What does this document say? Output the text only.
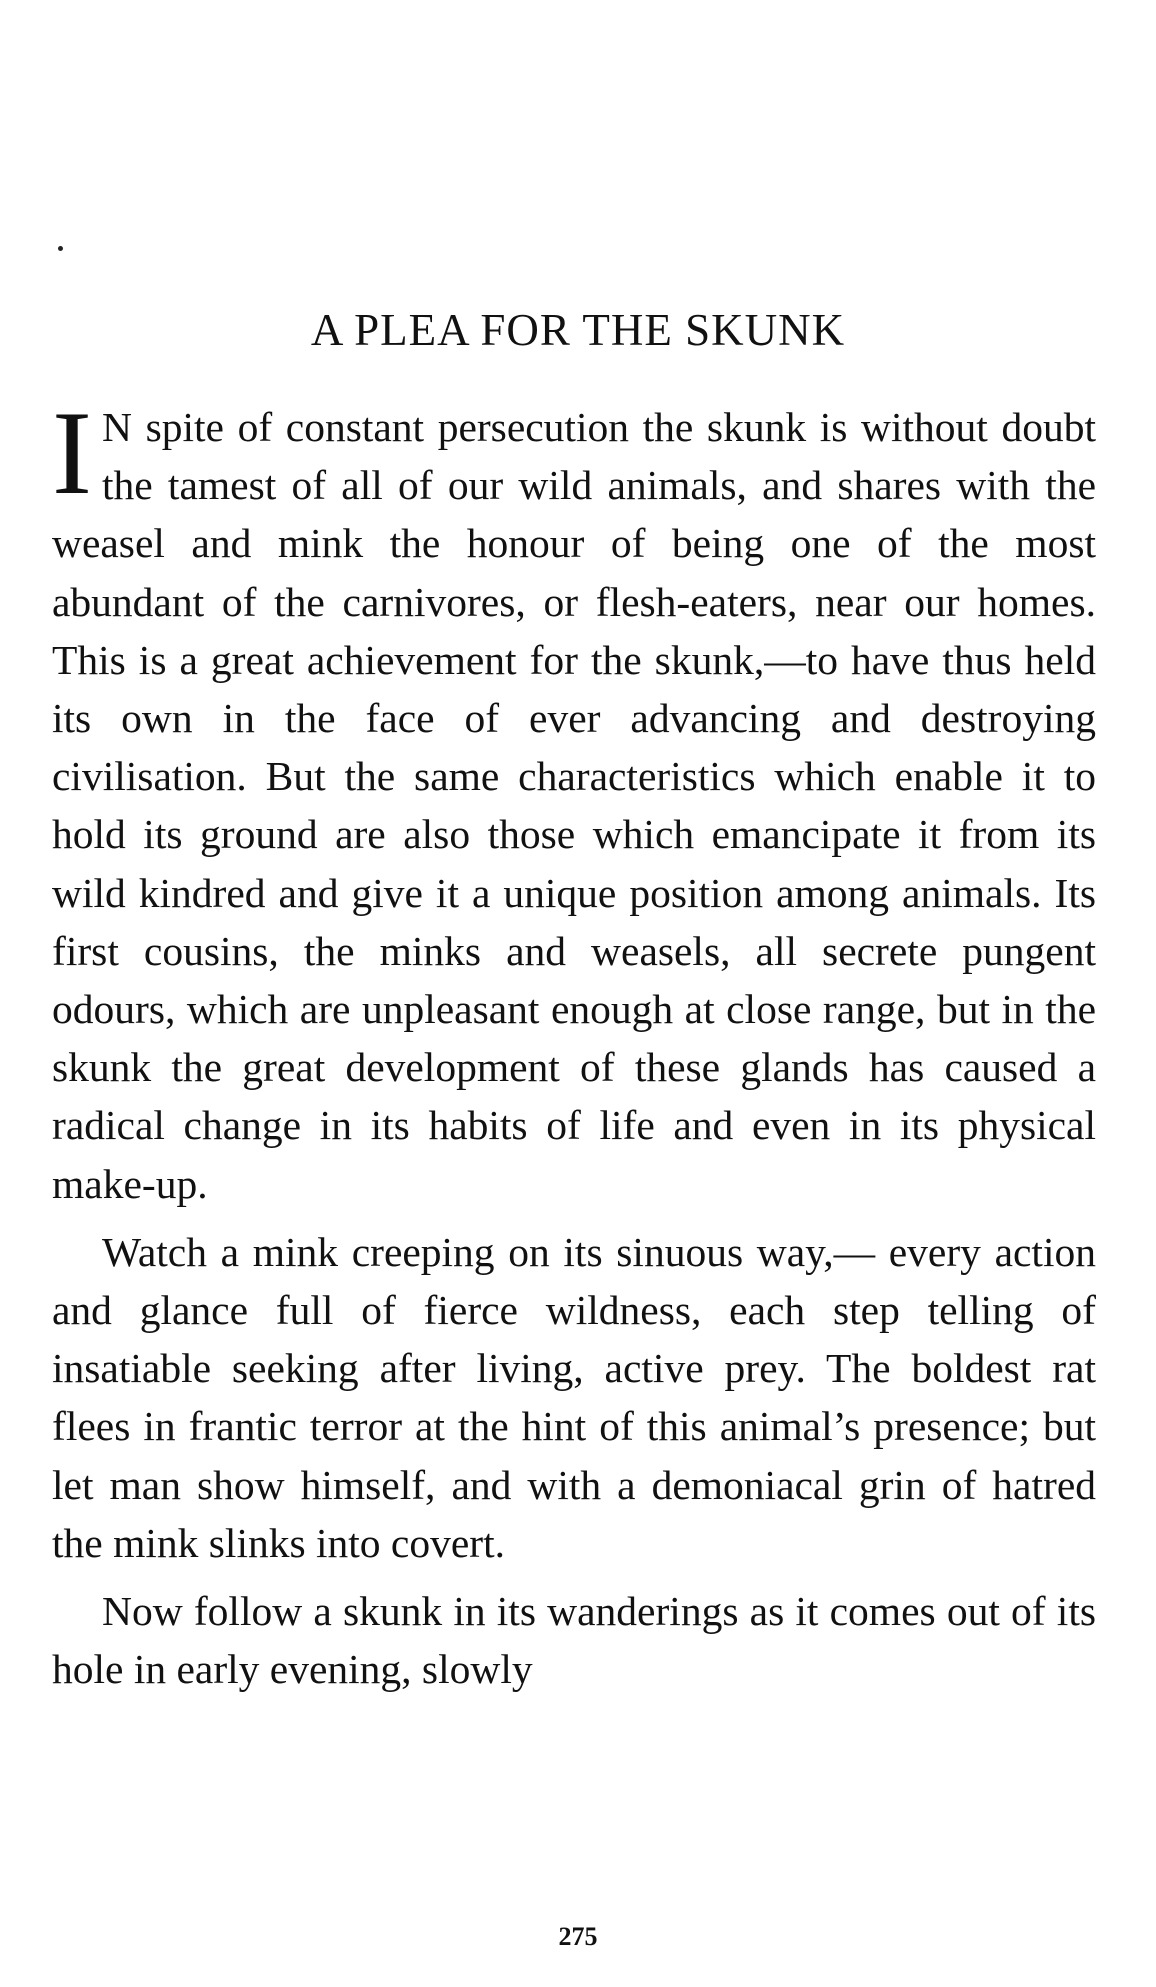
A PLEA FOR THE SKUNK

I N spite of constant persecution the skunk is without doubt the tamest of all of our wild animals, and shares with the weasel and mink the honour of being one of the most abundant of the carnivores, or flesh-eaters, near our homes. This is a great achievement for the skunk,—to have thus held its own in the face of ever advancing and destroying civilisation. But the same characteristics which enable it to hold its ground are also those which emancipate it from its wild kindred and give it a unique position among animals. Its first cousins, the minks and weasels, all secrete pungent odours, which are unpleasant enough at close range, but in the skunk the great development of these glands has caused a radical change in its habits of life and even in its physical make-up.

Watch a mink creeping on its sinuous way,— every action and glance full of fierce wildness, each step telling of insatiable seeking after living, active prey. The boldest rat flees in frantic terror at the hint of this animal’s presence; but let man show himself, and with a demoniacal grin of hatred the mink slinks into covert.

Now follow a skunk in its wanderings as it comes out of its hole in early evening, slowly

275
